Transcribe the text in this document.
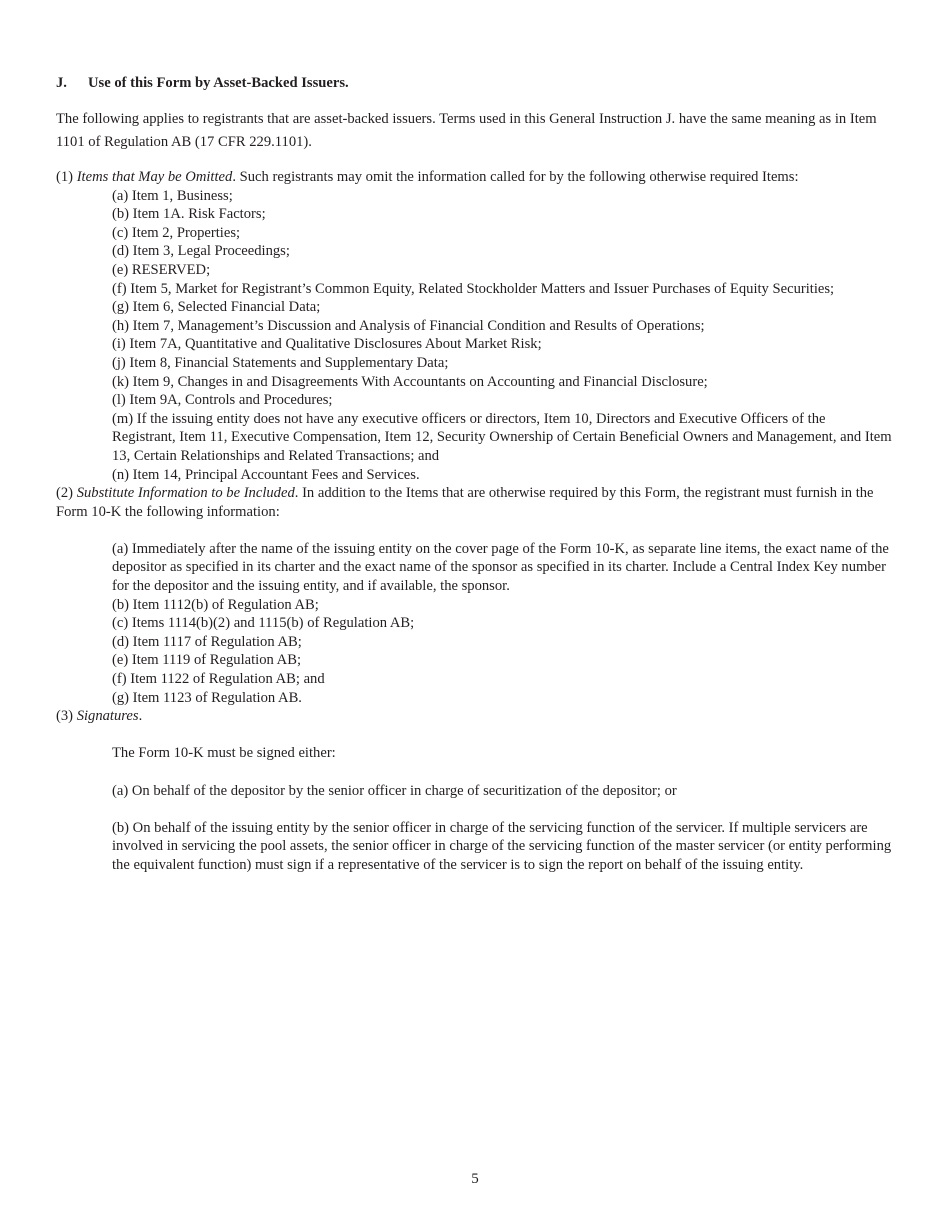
J. Use of this Form by Asset-Backed Issuers.

The following applies to registrants that are asset-backed issuers. Terms used in this General Instruction J. have the same meaning as in Item 1101 of Regulation AB (17 CFR 229.1101).

(1) Items that May be Omitted. Such registrants may omit the information called for by the following otherwise required Items:

(a) Item 1, Business;
(b) Item 1A. Risk Factors;
(c) Item 2, Properties;
(d) Item 3, Legal Proceedings;
(e) RESERVED;
(f) Item 5, Market for Registrant’s Common Equity, Related Stockholder Matters and Issuer Purchases of Equity Securities;
(g) Item 6, Selected Financial Data;
(h) Item 7, Management’s Discussion and Analysis of Financial Condition and Results of Operations;
(i) Item 7A, Quantitative and Qualitative Disclosures About Market Risk;
(j) Item 8, Financial Statements and Supplementary Data;
(k) Item 9, Changes in and Disagreements With Accountants on Accounting and Financial Disclosure;
(l) Item 9A, Controls and Procedures;
(m) If the issuing entity does not have any executive officers or directors, Item 10, Directors and Executive Officers of the Registrant, Item 11, Executive Compensation, Item 12, Security Ownership of Certain Beneficial Owners and Management, and Item 13, Certain Relationships and Related Transactions; and
(n) Item 14, Principal Accountant Fees and Services.

(2) Substitute Information to be Included. In addition to the Items that are otherwise required by this Form, the registrant must furnish in the Form 10-K the following information:

(a) Immediately after the name of the issuing entity on the cover page of the Form 10-K, as separate line items, the exact name of the depositor as specified in its charter and the exact name of the sponsor as specified in its charter. Include a Central Index Key number for the depositor and the issuing entity, and if available, the sponsor.
(b) Item 1112(b) of Regulation AB;
(c) Items 1114(b)(2) and 1115(b) of Regulation AB;
(d) Item 1117 of Regulation AB;
(e) Item 1119 of Regulation AB;
(f) Item 1122 of Regulation AB; and
(g) Item 1123 of Regulation AB.

(3) Signatures.

The Form 10-K must be signed either:

(a) On behalf of the depositor by the senior officer in charge of securitization of the depositor; or

(b) On behalf of the issuing entity by the senior officer in charge of the servicing function of the servicer. If multiple servicers are involved in servicing the pool assets, the senior officer in charge of the servicing function of the master servicer (or entity performing the equivalent function) must sign if a representative of the servicer is to sign the report on behalf of the issuing entity.

5
